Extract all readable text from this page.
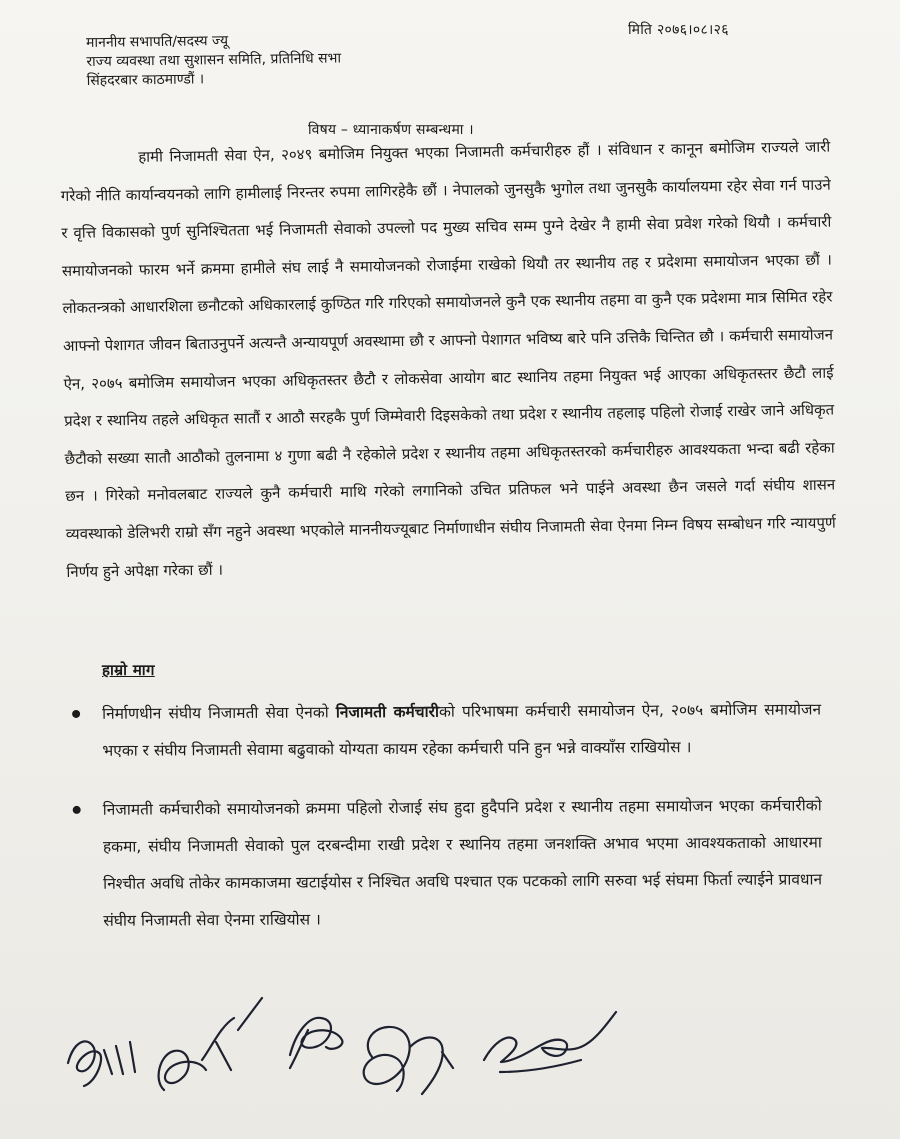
मिति २०७६।०८।२६
माननीय सभापति/सदस्य ज्यू
राज्य व्यवस्था तथा सुशासन समिति, प्रतिनिधि सभा
सिंहदरबार काठमाण्डौं ।
विषय – ध्यानाकर्षण सम्बन्धमा ।
हामी निजामती सेवा ऐन, २०४९ बमोजिम नियुक्त भएका निजामती कर्मचारीहरु हौं । संविधान र कानून बमोजिम राज्यले जारी गरेको नीति कार्यान्वयनको लागि हामीलाई निरन्तर रुपमा लागिरहेकै छौं । नेपालको जुनसुकै भुगोल तथा जुनसुकै कार्यालयमा रहेर सेवा गर्न पाउने र वृत्ति विकासको पुर्ण सुनिश्चितता भई निजामती सेवाको उपल्लो पद मुख्य सचिव सम्म पुग्ने देखेर नै हामी सेवा प्रवेश गरेको थियौ । कर्मचारी समायोजनको फारम भर्ने क्रममा हामीले संघ लाई नै समायोजनको रोजाईमा राखेको थियौ तर स्थानीय तह र प्रदेशमा समायोजन भएका छौं । लोकतन्त्रको आधारशिला छनौटको अधिकारलाई कुण्ठित गरि गरिएको समायोजनले कुनै एक स्थानीय तहमा वा कुनै एक प्रदेशमा मात्र सिमित रहेर आफ्नो पेशागत जीवन बिताउनुपर्ने अत्यन्तै अन्यायपूर्ण अवस्थामा छौ र आफ्नो पेशागत भविष्य बारे पनि उत्तिकै चिन्तित छौ । कर्मचारी समायोजन ऐन, २०७५ बमोजिम समायोजन भएका अधिकृतस्तर छैटौ र लोकसेवा आयोग बाट स्थानिय तहमा नियुक्त भई आएका अधिकृतस्तर छैटौ लाई प्रदेश र स्थानिय तहले अधिकृत सातौं र आठौ सरहकै पुर्ण जिम्मेवारी दिइसकेको तथा प्रदेश र स्थानीय तहलाइ पहिलो रोजाई राखेर जाने अधिकृत छैटौको सख्या सातौ आठौको तुलनामा ४ गुणा बढी नै रहेकोले प्रदेश र स्थानीय तहमा अधिकृतस्तरको कर्मचारीहरु आवश्यकता भन्दा बढी रहेका छन । गिरेको मनोवलबाट राज्यले कुनै कर्मचारी माथि गरेको लगानिको उचित प्रतिफल भने पाईने अवस्था छैन जसले गर्दा संघीय शासन व्यवस्थाको डेलिभरी राम्रो सँग नहुने अवस्था भएकोले माननीयज्यूबाट निर्माणाधीन संघीय निजामती सेवा ऐनमा निम्न विषय सम्बोधन गरि न्यायपुर्ण निर्णय हुने अपेक्षा गरेका छौं ।
हाम्रो माग
निर्माणधीन संघीय निजामती सेवा ऐनको निजामती कर्मचारीको परिभाषमा कर्मचारी समायोजन ऐन, २०७५ बमोजिम समायोजन भएका र संघीय निजामती सेवामा बढुवाको योग्यता कायम रहेका कर्मचारी पनि हुन भन्ने वाक्याँस राखियोस ।
निजामती कर्मचारीको समायोजनको क्रममा पहिलो रोजाई संघ हुदा हुदैपनि प्रदेश र स्थानीय तहमा समायोजन भएका कर्मचारीको हकमा, संघीय निजामती सेवाको पुल दरबन्दीमा राखी प्रदेश र स्थानिय तहमा जनशक्ति अभाव भएमा आवश्यकताको आधारमा निश्चीत अवधि तोकेर कामकाजमा खटाईयोस र निश्चित अवधि पश्चात एक पटकको लागि सरुवा भई संघमा फिर्ता ल्याईने प्रावधान संघीय निजामती सेवा ऐनमा राखियोस ।
